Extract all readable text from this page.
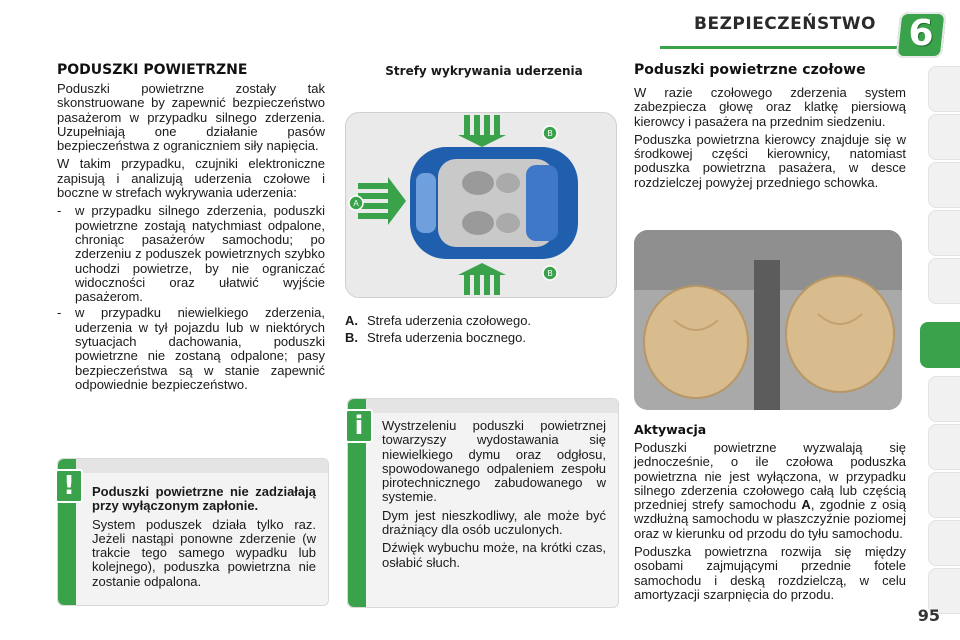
BEZPIECZEŃSTWO 6
PODUSZKI POWIETRZNE

Poduszki powietrzne zostały tak skonstruowane by zapewnić bezpieczeństwo pasażerom w przypadku silnego zderzenia. Uzupełniają one działanie pasów bezpieczeństwa z ograniczniem siły napięcia.

W takim przypadku, czujniki elektroniczne zapisują i analizują uderzenia czołowe i boczne w strefach wykrywania uderzenia:

- w przypadku silnego zderzenia, poduszki powietrzne zostają natychmiast odpalone, chroniąc pasażerów samochodu; po zderzeniu z poduszek powietrznych szybko uchodzi powietrze, by nie ograniczać widoczności oraz ułatwić wyjście pasażerom.
- w przypadku niewielkiego zderzenia, uderzenia w tył pojazdu lub w niektórych sytuacjach dachowania, poduszki powietrzne nie zostaną odpalone; pasy bezpieczeństwa są w stanie zapewnić odpowiednie bezpieczeństwo.
Strefy wykrywania uderzenia
A
B
B
A. Strefa uderzenia czołowego.
B. Strefa uderzenia bocznego.
i	Wystrzeleniu poduszki powietrznej towarzyszy wydostawania się niewielkiego dymu oraz odgłosu, spowodowanego odpaleniem zespołu pirotechnicznego zabudowanego w systemie.

Dym jest nieszkodliwy, ale może być drażniący dla osób uczulonych.

Dźwięk wybuchu może, na krótki czas, osłabić słuch.

!	Poduszki powietrzne nie zadziałają przy wyłączonym zapłonie.

System poduszek działa tylko raz. Jeżeli nastąpi ponowne zderzenie (w trakcie tego samego wypadku lub kolejnego), poduszka powietrzna nie zostanie odpalona.

Poduszki powietrzne czołowe

W razie czołowego zderzenia system zabezpiecza głowę oraz klatkę piersiową kierowcy i pasażera na przednim siedzeniu.

Poduszka powietrzna kierowcy znajduje się w środkowej części kierownicy, natomiast poduszka powietrzna pasażera, w desce rozdzielczej powyżej przedniego schowka.

Aktywacja

Poduszki powietrzne wyzwalają się jednocześnie, o ile czołowa poduszka powietrzna nie jest wyłączona, w przypadku silnego zderzenia czołowego całą lub częścią przedniej strefy samochodu A, zgodnie z osią wzdłużną samochodu w płaszczyźnie poziomej oraz w kierunku od przodu do tyłu samochodu.

Poduszka powietrzna rozwija się między osobami zajmującymi przednie fotele samochodu i deską rozdzielczą, w celu amortyzacji szarpnięcia do przodu.

95
